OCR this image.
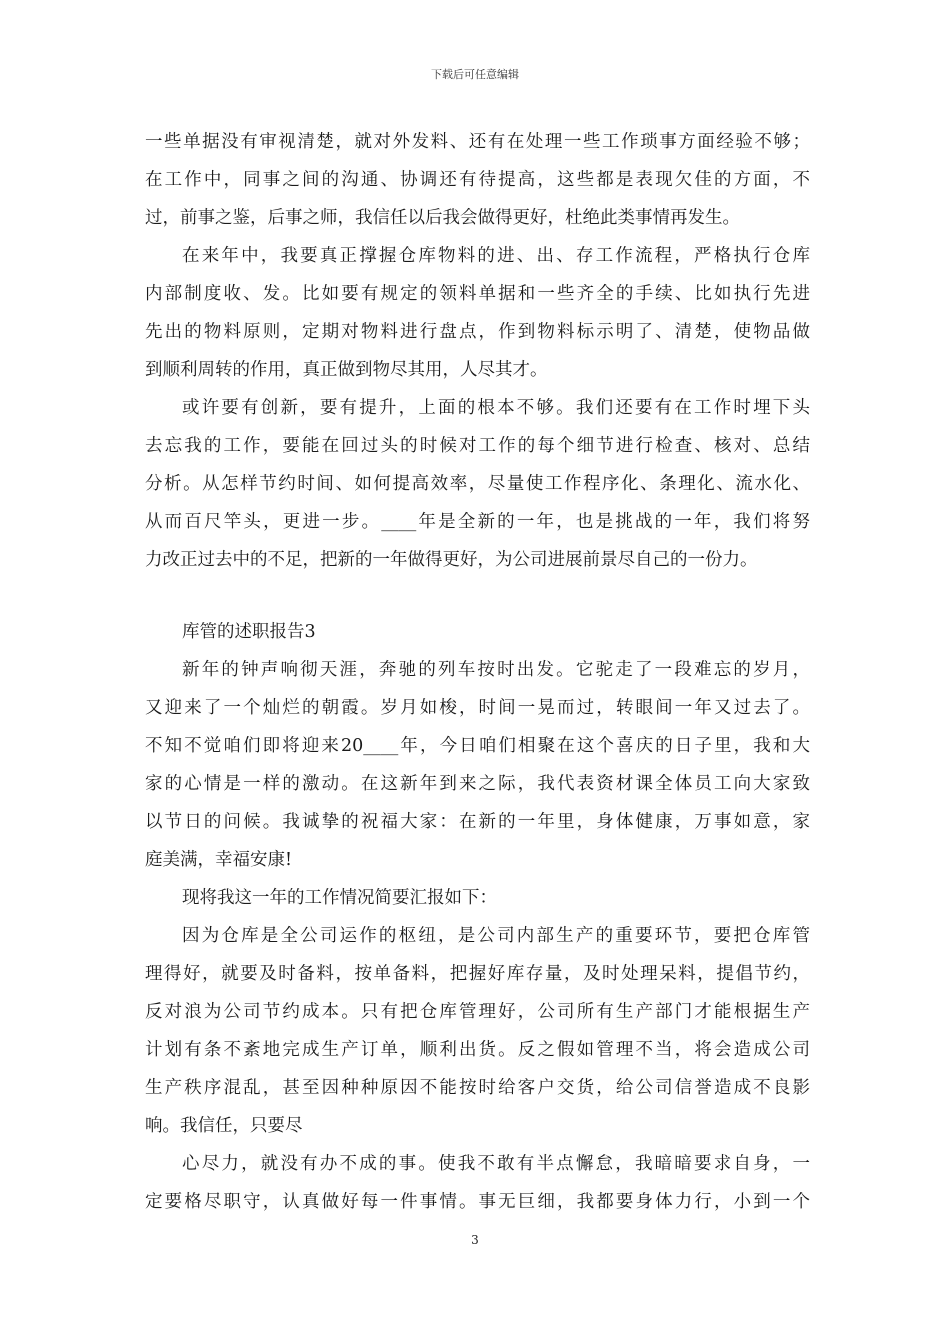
下载后可任意编辑
一些单据没有审视清楚，就对外发料、还有在处理一些工作琐事方面经验不够；
在工作中，同事之间的沟通、协调还有待提高，这些都是表现欠佳的方面，不
过，前事之鉴，后事之师，我信任以后我会做得更好，杜绝此类事情再发生。
在来年中，我要真正撑握仓库物料的进、出、存工作流程，严格执行仓库
内部制度收、发。比如要有规定的领料单据和一些齐全的手续、比如执行先进
先出的物料原则，定期对物料进行盘点，作到物料标示明了、清楚，使物品做
到顺利周转的作用，真正做到物尽其用，人尽其才。
或许要有创新，要有提升，上面的根本不够。我们还要有在工作时埋下头
去忘我的工作，要能在回过头的时候对工作的每个细节进行检查、核对、总结
分析。从怎样节约时间、如何提高效率，尽量使工作程序化、条理化、流水化、
从而百尺竿头，更进一步。____年是全新的一年，也是挑战的一年，我们将努
力改正过去中的不足，把新的一年做得更好，为公司进展前景尽自己的一份力。
库管的述职报告3
新年的钟声响彻天涯，奔驰的列车按时出发。它驼走了一段难忘的岁月，
又迎来了一个灿烂的朝霞。岁月如梭，时间一晃而过，转眼间一年又过去了。
不知不觉咱们即将迎来20____年，今日咱们相聚在这个喜庆的日子里，我和大
家的心情是一样的激动。在这新年到来之际，我代表资材课全体员工向大家致
以节日的问候。我诚挚的祝福大家：在新的一年里，身体健康，万事如意，家
庭美满，幸福安康!
现将我这一年的工作情况简要汇报如下：
因为仓库是全公司运作的枢纽，是公司内部生产的重要环节，要把仓库管
理得好，就要及时备料，按单备料，把握好库存量，及时处理呆料，提倡节约，
反对浪为公司节约成本。只有把仓库管理好，公司所有生产部门才能根据生产
计划有条不紊地完成生产订单，顺利出货。反之假如管理不当，将会造成公司
生产秩序混乱，甚至因种种原因不能按时给客户交货，给公司信誉造成不良影
响。我信任，只要尽
心尽力，就没有办不成的事。使我不敢有半点懈怠，我暗暗要求自身，一
定要格尽职守，认真做好每一件事情。事无巨细，我都要身体力行，小到一个
3
